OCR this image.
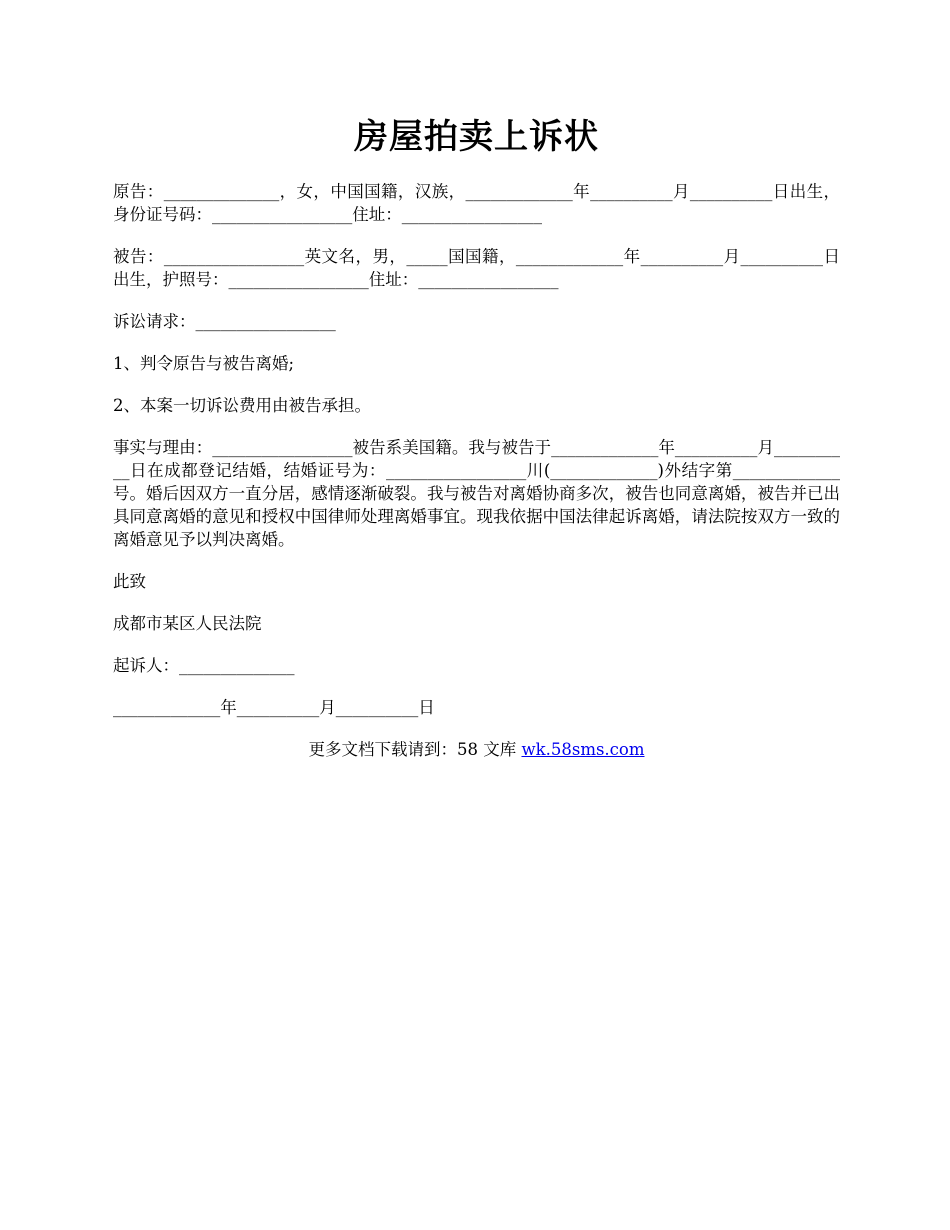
房屋拍卖上诉状

原告：______________，女，中国国籍，汉族，_____________年__________月__________日出生，身份证号码：_________________住址：_________________

被告：_________________英文名，男，_____国国籍，_____________年__________月__________日出生，护照号：_________________住址：_________________

诉讼请求：_________________

1、判令原告与被告离婚;

2、本案一切诉讼费用由被告承担。

事实与理由：_________________被告系美国籍。我与被告于_____________年__________月__________日在成都登记结婚，结婚证号为：_________________川(_____________)外结字第_____________号。婚后因双方一直分居，感情逐渐破裂。我与被告对离婚协商多次，被告也同意离婚，被告并已出具同意离婚的意见和授权中国律师处理离婚事宜。现我依据中国法律起诉离婚，请法院按双方一致的离婚意见予以判决离婚。

此致

成都市某区人民法院

起诉人：______________

_____________年__________月__________日

更多文档下载请到：58 文库 wk.58sms.com
